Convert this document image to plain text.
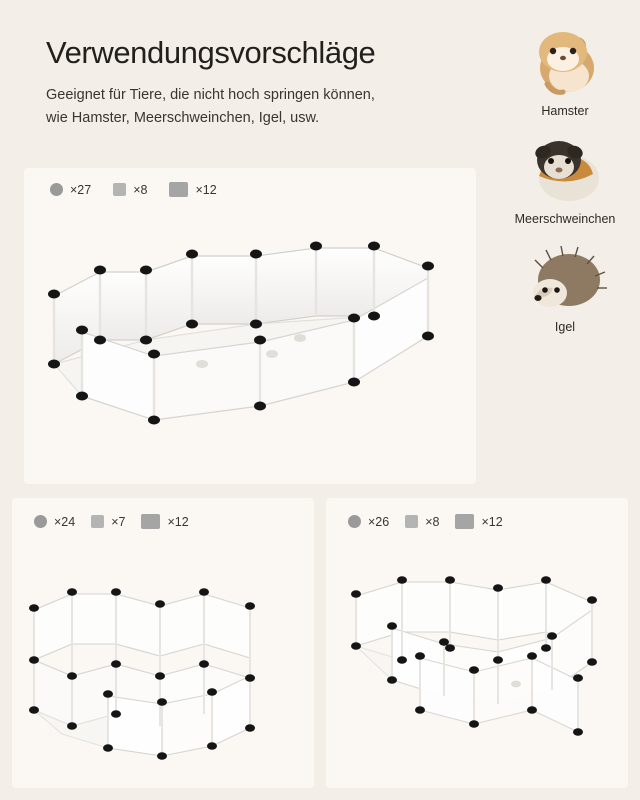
Verwendungsvorschläge

Geeignet für Tiere, die nicht hoch springen können,
wie Hamster, Meerschweinchen, Igel, usw.	Hamster
Meerschweinchen
Igel
×27	×8	×12
×24	×7	×12	×26	×8	×12
